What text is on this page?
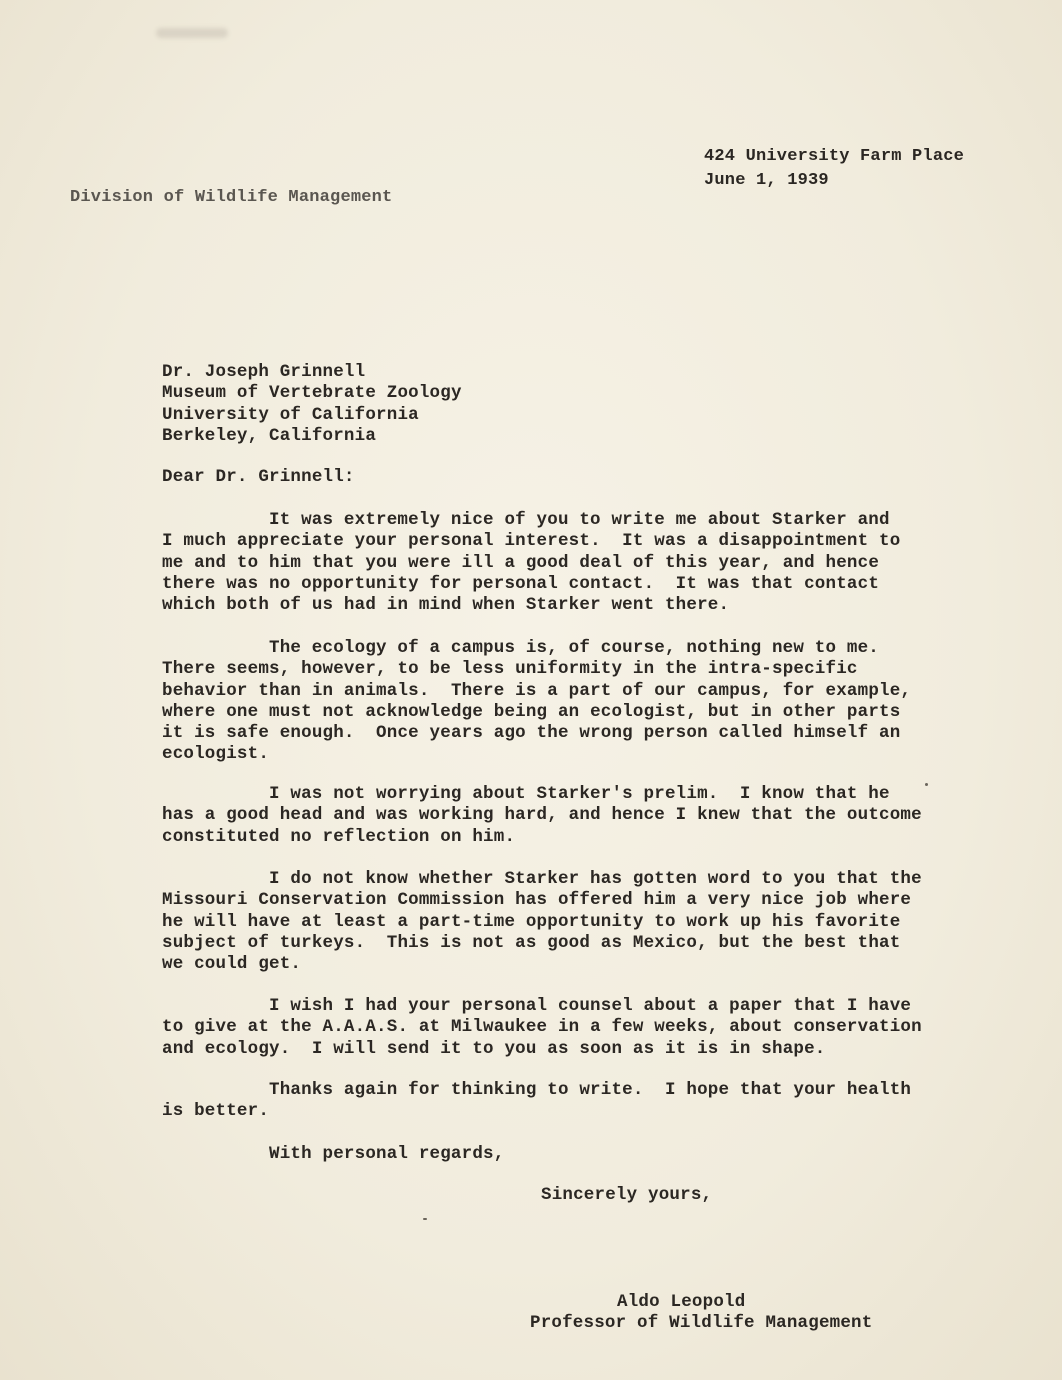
424 University Farm Place
June 1, 1939
Division of Wildlife Management
Dr. Joseph Grinnell
Museum of Vertebrate Zoology
University of California
Berkeley, California
Dear Dr. Grinnell:
It was extremely nice of you to write me about Starker and
I much appreciate your personal interest.  It was a disappointment to
me and to him that you were ill a good deal of this year, and hence
there was no opportunity for personal contact.  It was that contact
which both of us had in mind when Starker went there.
The ecology of a campus is, of course, nothing new to me.
There seems, however, to be less uniformity in the intra-specific
behavior than in animals.  There is a part of our campus, for example,
where one must not acknowledge being an ecologist, but in other parts
it is safe enough.  Once years ago the wrong person called himself an
ecologist.
I was not worrying about Starker's prelim.  I know that he
has a good head and was working hard, and hence I knew that the outcome
constituted no reflection on him.
I do not know whether Starker has gotten word to you that the
Missouri Conservation Commission has offered him a very nice job where
he will have at least a part-time opportunity to work up his favorite
subject of turkeys.  This is not as good as Mexico, but the best that
we could get.
I wish I had your personal counsel about a paper that I have
to give at the A.A.A.S. at Milwaukee in a few weeks, about conservation
and ecology.  I will send it to you as soon as it is in shape.
Thanks again for thinking to write.  I hope that your health
is better.
With personal regards,
Sincerely yours,
Aldo Leopold
Professor of Wildlife Management
